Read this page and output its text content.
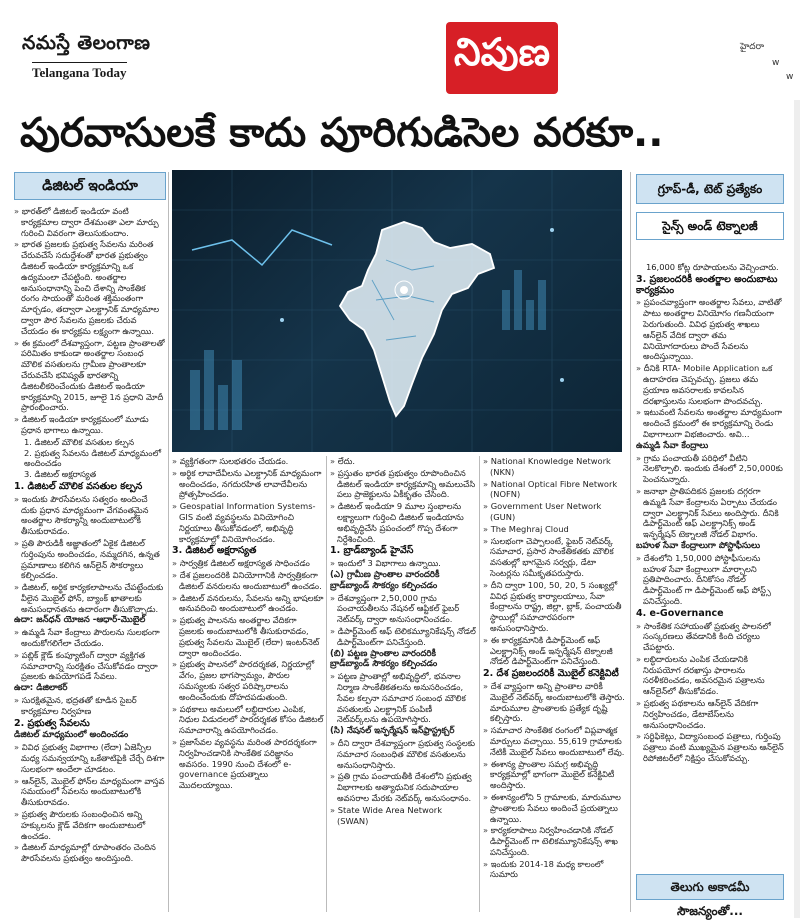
నమస్తే తెలంగాణ
Telangana Today	నిపుణ	హైదరా
w
w
పురవాసులకే కాదు పూరిగుడిసెల వరకూ..
డిజిటల్ ఇండియా

» భారత్‌లో డిజిటల్ ఇండియా వంటి కార్యక్రమాల ద్వారా దేశమంతా ఎలా మార్పు గురించి వివరంగా తెలుసుకుందాం.

» భారత ప్రజలకు ప్రభుత్వ సేవలను మరింత చేరువచేసే సదుద్దేశంతో భారత ప్రభుత్వం డిజిటల్ ఇండియా కార్యక్రమాన్ని ఒక ఉద్యమంలా చేపట్టింది. అంతర్జాల అనుసంధానాన్ని పెంచి దేశాన్ని సాంకేతిక రంగం సాయంతో మరింత శక్తిమంతంగా మార్చడం, తద్వారా ఎలక్ట్రానిక్ మాధ్యమాల ద్వారా పౌర సేవలను ప్రజలకు చేరువ చేయడం ఈ కార్యక్రమ లక్ష్యంగా ఉన్నాయి.

» ఈ క్రమంలో దేశవ్యాప్తంగా, పట్టణ ప్రాంతాలతో పరిమితం కాకుండా అంతర్జాల సంబంధ మౌలిక వసతులను గ్రామీణ ప్రాంతాలకూ చేరువచేసి భవిష్యత్ భారతాన్ని డిజిటలీకరించేందుకు డిజిటల్ ఇండియా కార్యక్రమాన్ని 2015, జూలై 1న ప్రధాని మోదీ ప్రారంభించారు.

» డిజిటల్ ఇండియా కార్యక్రమంలో మూడు ప్రధాన భాగాలు ఉన్నాయి.

1. డిజిటల్ మౌలిక వసతుల కల్పన
2. ప్రభుత్వ సేవలను డిజిటల్ మాధ్యమంలో అందించడం
3. డిజిటల్ అక్షరాస్యత
1. డిజిటల్ మౌలిక వసతుల కల్పన

» ఇందుకు పౌరసేవలను సత్వరం అందించే దుకు ప్రధాన మాధ్యమంగా వేగవంతమైన అంతర్జాల సౌకర్యాన్ని అందుబాటులోకి తీసుకురావడం.

» ప్రతి పౌరుడికీ అజ్ఞాతంలో ఏకైక డిజిటల్ గుర్తింపును అందించడం, నమ్మదగిన, ఉన్నత ప్రమాణాలు కలిగిన ఆన్‌లైన్ సౌకర్యాలు కల్పించడం.

» డిజిటల్, అర్థిక కార్యకలాపాలను చేపట్టేందుకు వీలైన మొబైల్ ఫోన్, బ్యాంక్ ఖాతాలకు అనుసంధానతను ఉదారంగా తీసుకొచ్చాడు.

ఉదా: జన్‌ధన్ యోజన -ఆధార్-మొబైల్

» ఉమ్మడి సేవా కేంద్రాలు పౌరులను సులభంగా అందుకోగలిగేలా చేయడం.

» పబ్లిక్ క్లౌడ్ కంప్యూటింగ్ ద్వారా వ్యక్తిగత సమాచారాన్ని సురక్షితం చేసుకోవడం ద్వారా ప్రజలకు ఉపయోగపడే సేవలు.

ఉదా: డిజిలాకర్

» సురక్షితమైన, భద్రతతో కూడిన సైబర్ కార్యక్రమాల నిర్వహణ

2. ప్రభుత్వ సేవలను
డిజిటల్ మాధ్యమంలో అందించడం

» వివిధ ప్రభుత్వ విభాగాల (లేదా) ఏజెన్సీల మధ్య సమన్వయాన్ని ఒకేతాటిపైకి చేర్చే దిశగా సులభంగా అందేలా చూడటం.

» ఆన్‌లైన్, మొబైల్ ఫోన్‌ల మాధ్యమంగా వాస్తవ సమయంలో సేవలను అందుబాటులోకి తీసుకురావడం.

» ప్రభుత్వ పౌరులకు సంబంధించిన అన్ని హక్కులను క్లౌడ్ వేదికగా అందుబాటులో ఉంచడం.

» డిజిటల్ మాధ్యమాల్లో రూపాంతరం చెందిన పౌరసేవలను ప్రభుత్వం అందిస్తుంది.

» వ్యక్తిగతంగా సులభతరం చేయడం.

» అర్థిక లావాదేవీలను ఎలక్ట్రానిక్ మాధ్యమంగా అందించడం, నగదురహిత లావాదేవీలను ప్రోత్సహించడం.

» Geospatial Information Systems- GIS వంటి వ్యవస్థలను వినియోగించి నిర్ణయాలు తీసుకోవడంలో, అభివృద్ధి కార్యక్రమాల్లో వినియోగించడం.

3. డిజిటల్ అక్షరాస్యత

» సార్వత్రిక డిజిటల్ అక్షరాస్యత సాధించడం

» దేశ ప్రజలందరికి వినియోగానికి సార్వత్రికంగా డిజిటల్ వనరులను అందుబాటులో ఉంచడం.

» డిజిటల్ వనరులను, సేవలను అన్ని భాషలకూ అనువదించి అందుబాటులో ఉంచడం.

» ప్రభుత్వ పాలనను అంతర్జాల వేదికగా ప్రజలకు అందుబాటులోకి తీసుకురావడం, ప్రభుత్వ సేవలను మొబైల్ (లేదా) ఇంటర్‌నెట్ ద్వారా అందించడం.

» ప్రభుత్వ పాలనలో పారదర్శకత, నిర్ణయాల్లో వేగం, ప్రజల భాగస్వామ్యం, పౌరుల సమస్యలకు సత్వర పరిష్కారాలను అందించేందుకు దోహదపడుతుంది.

» పథకాలు అమలులో లబ్ధిదారుల ఎంపిక, నిధుల విడుదలలో పారదర్శకత కోసం డిజిటల్ సమాచారాన్ని ఉపయోగించడం.

» ప్రజాసేవల వ్యవస్థను మరింత పారదర్శకంగా నిర్వహించడానికి సాంకేతిక పరిజ్ఞానం అవసరం. 1990 నుంచి దేశంలో e-governance ప్రయత్నాలు మొదలయ్యాయి.

» లేదు.

» ప్రస్తుతం భారత ప్రభుత్వం రూపొందించిన డిజిటల్ ఇండియా కార్యక్రమాన్ని అమలుచేసి పలు ప్రాజెక్టులను ఏకీకృతం చేసింది.

» డిజిటల్ ఇండియా 9 మూల స్తంభాలను లక్ష్యాలుగా గుర్తించి డిజిటల్ ఇండియాను అభివృద్ధిచేసి ప్రపంచంలో గొప్ప దేశంగా నిర్దేశించింది.

1. బ్రాడ్‌బ్యాండ్ హైవేస్

» ఇందులో 3 విభాగాలు ఉన్నాయి.

(ఎ) గ్రామీణ ప్రాంతాల వారందరికీ బ్రాడ్‌బ్యాండ్ సౌకర్యం కల్పించడం

» దేశవ్యాప్తంగా 2,50,000 గ్రామ పంచాయతీలను నేషనల్ ఆప్టికల్ ఫైబర్ నెట్‌వర్క్ ద్వారా అనుసంధానించడం.

» డిపార్ట్‌మెంట్ ఆఫ్ టెలికమ్యూనికేషన్స్ నోడల్ డిపార్ట్‌మెంట్‌గా పనిచేస్తుంది.

(బి) పట్టణ ప్రాంతాల వారందరికీ బ్రాడ్‌బ్యాండ్ సౌకర్యం కల్పించడం

» పట్టణ ప్రాంతాల్లో అభివృద్ధిలో, భవనాల నిర్మాణ సాంకేతికతలను అనుసరించడం, సేవల కల్పనా సమాచార సంబంధ మౌలిక వసతులకు ఎలక్ట్రానిక్ పంపిణీ నెట్‌వర్క్‌లను ఉపయోగిస్తారు.

(సి) నేషనల్ ఇన్ఫర్మేషన్ ఇన్‌ఫ్రాస్ట్రక్చర్

» దీని ద్వారా దేశవ్యాప్తంగా ప్రభుత్వ సంస్థలకు సమాచార సంబంధిత మౌలిక వసతులను అనుసంధానిస్తారు.

» ప్రతి గ్రామ పంచాయతీకి దేశంలోని ప్రభుత్వ విభాగాలకు అత్యాధునిక సదుపాయాల అవసరాల మేరకు నెట్‌వర్క్ అనుసంధానం.

» State Wide Area Network (SWAN)

» National Knowledge Network (NKN)

» National Optical Fibre Network (NOFN)

» Government User Network (GUN)

» The Meghraj Cloud

» సులభంగా చెప్పాలంటే, ఫైబర్ నెట్‌వర్క్ సమాచార, ప్రసార సాంకేతికతకు మౌలిక వసతుల్లో భాగమైన సర్వర్లు, డేటా సెంటర్లను సమీకృతపరుస్తారు.

» దీని ద్వారా 100, 50, 20, 5 సంఖ్యల్లో వివిధ ప్రభుత్వ కార్యాలయాలు, సేవా కేంద్రాలను రాష్ట్ర, జిల్లా, బ్లాక్, పంచాయతీ స్థాయిల్లో సమాచారపరంగా అనుసంధానిస్తారు.

» ఈ కార్యక్రమానికి డిపార్ట్‌మెంట్ ఆఫ్ ఎలక్ట్రానిక్స్ అండ్ ఇన్ఫర్మేషన్ టెక్నాలజీ నోడల్ డిపార్ట్‌మెంట్‌గా పనిచేస్తుంది.

2. దేశ ప్రజలందరికీ మొబైల్ కనెక్టివిటీ

» దేశ వ్యాప్తంగా అన్ని ప్రాంతాల వారికీ మొబైల్ నెట్‌వర్క్ అందుబాటులోకి తెస్తారు. మారుమూల ప్రాంతాలకు ప్రత్యేక దృష్టి కల్పిస్తారు.

» సమాచార సాంకేతిక రంగంలో విప్లవాత్మక మార్పులు వచ్చాయి. 55,619 గ్రామాలకు నేటికీ మొబైల్ సేవలు అందుబాటులో లేవు.

» ఈశాన్య ప్రాంతాల సమగ్ర అభివృద్ధి కార్యక్రమాల్లో భాగంగా మొబైల్ కనెక్టివిటీ అందిస్తారు.

» ఈశాన్యంలోని 5 గ్రామాలకు, మారుమూల ప్రాంతాలకు సేవలు అందించే ప్రయత్నాలు ఉన్నాయి.

» కార్యకలాపాలు నిర్వహించడానికి నోడల్ డిపార్ట్‌మెంట్ గా టెలికమ్యూనికేషన్స్ శాఖ పనిచేస్తుంది.

» ఇందుకు 2014-18 మధ్య కాలంలో సుమారు

గ్రూప్-డీ, టెట్ ప్రత్యేకం
సైన్స్ అండ్ టెక్నాలజీ
16,000 కోట్ల రూపాయలను వెచ్చించారు.
3. ప్రజలందరికీ అంతర్జాల అందుబాటు కార్యక్రమం

» ప్రపంచవ్యాప్తంగా అంతర్జాల సేవలు, వాటితో పాటు అంతర్జాల వినియోగం గణనీయంగా పెరుగుతుంది. వివిధ ప్రభుత్వ శాఖలు ఆన్‌లైన్ వేదిక ద్వారా తమ వినియోగదారులు పొందే సేవలను అందిస్తున్నాయి.

» దీనికి RTA- Mobile Application ఒక ఉదాహరణ చెప్పవచ్చు. ప్రజలు తమ ప్రయాణ అవసరాలకు కావలసిన దరఖాస్తులను సులభంగా పొందవచ్చు.

» ఇటువంటి సేవలను అంతర్జాల మాధ్యమంగా అందించే క్రమంలో ఈ కార్యక్రమాన్ని రెండు విభాగాలుగా విభజించారు. అవి...

ఉమ్మడి సేవా కేంద్రాలు

» గ్రామ పంచాయతీ పరిధిలో వీటిని నెలకొల్పాలి. ఇందుకు దేశంలో 2,50,000కు పెంచనున్నారు.

» జనాభా ప్రాతిపదికన ప్రజలకు దగ్గరగా ఉమ్మడి సేవా కేంద్రాలను ఏర్పాటు చేయడం ద్వారా ఎలక్ట్రానిక్ సేవలు అందిస్తారు. దీనికి డిపార్ట్‌మెంట్ ఆఫ్ ఎలక్ట్రానిక్స్ అండ్ ఇన్ఫర్మేషన్ టెక్నాలజీ నోడల్ విభాగం.

బహుళ సేవా కేంద్రాలుగా పోస్టాఫీసులు

» దేశంలోని 1,50,000 పోస్టాఫీసులను బహుళ సేవా కేంద్రాలుగా మార్చాలని ప్రతిపాదించారు. దీనికోసం నోడల్ డిపార్ట్‌మెంట్ గా డిపార్ట్‌మెంట్ ఆఫ్ పోస్ట్స్ పనిచేస్తుంది.

4. e-Governance

» సాంకేతిక సహాయంతో ప్రభుత్వ పాలనలో సంస్కరణలు తేవడానికి కింది చర్యలు చేపట్టారు.

» లబ్ధిదారులను ఎంపిక చేయడానికి నిరుపయోగ దరఖాస్తు ఫారాలను సరళీకరించడం, అవసరమైన పత్రాలను ఆన్‌లైన్‌లో తీసుకోవడం.

» ప్రభుత్వ పథకాలను ఆన్‌లైన్ వేదికగా నిర్వహించడం, డేటాబేస్‌లను అనుసంధానించడం.

» సర్టిఫికెట్లు, విద్యాసంబంధ పత్రాలు, గుర్తింపు పత్రాలు వంటి ముఖ్యమైన పత్రాలను ఆన్‌లైన్ రిపోజిటరీలో నిక్షిప్తం చేసుకోవచ్చు.

తెలుగు అకాడమీ సౌజన్యంతో...
